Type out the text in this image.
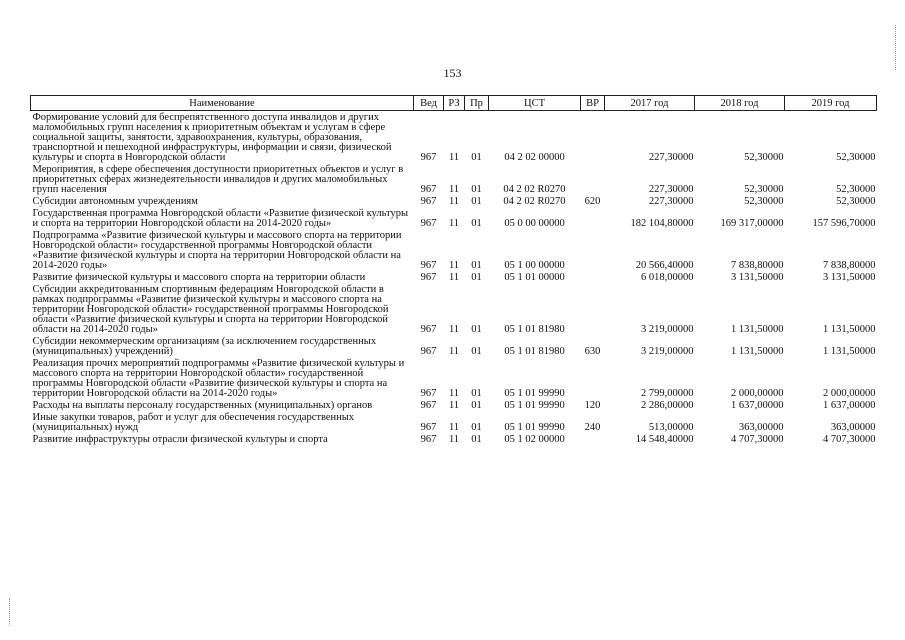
153
Наименование	Вед	РЗ	Пр	ЦСТ	ВР	2017 год	2018 год	2019 год
Формирование условий для беспрепятственного доступа инвалидов и других маломобильных групп населения к приоритетным объектам и услугам в сфере социальной защиты, занятости, здравоохранения, культуры, образования, транспортной и пешеходной инфраструктуры, информации и связи, физической культуры и спорта в Новгородской области	967	11	01	04 2 02 00000		227,30000	52,30000	52,30000
Мероприятия, в сфере обеспечения доступности приоритетных объектов и услуг в приоритетных сферах жизнедеятельности инвалидов и других маломобильных групп населения	967	11	01	04 2 02 R0270		227,30000	52,30000	52,30000
Субсидии автономным учреждениям	967	11	01	04 2 02 R0270	620	227,30000	52,30000	52,30000
Государственная программа Новгородской области «Развитие физической культуры и спорта на территории Новгородской области на 2014-2020 годы»	967	11	01	05 0 00 00000		182 104,80000	169 317,00000	157 596,70000
Подпрограмма «Развитие физической культуры и массового спорта на территории Новгородской области» государственной программы Новгородской области «Развитие физической культуры и спорта на территории Новгородской области на 2014-2020 годы»	967	11	01	05 1 00 00000		20 566,40000	7 838,80000	7 838,80000
Развитие физической культуры и массового спорта на территории области	967	11	01	05 1 01 00000		6 018,00000	3 131,50000	3 131,50000
Субсидии аккредитованным спортивным федерациям Новгородской области в рамках подпрограммы «Развитие физической культуры и массового спорта на территории Новгородской области» государственной программы Новгородской области «Развитие физической культуры и спорта на территории Новгородской области на 2014-2020 годы»	967	11	01	05 1 01 81980		3 219,00000	1 131,50000	1 131,50000
Субсидии некоммерческим организациям (за исключением государственных (муниципальных) учреждений)	967	11	01	05 1 01 81980	630	3 219,00000	1 131,50000	1 131,50000
Реализация прочих мероприятий подпрограммы «Развитие физической культуры и массового спорта на территории Новгородской области» государственной программы Новгородской области «Развитие физической культуры и спорта на территории Новгородской области на 2014-2020 годы»	967	11	01	05 1 01 99990		2 799,00000	2 000,00000	2 000,00000
Расходы на выплаты персоналу государственных (муниципальных) органов	967	11	01	05 1 01 99990	120	2 286,00000	1 637,00000	1 637,00000
Иные закупки товаров, работ и услуг для обеспечения государственных (муниципальных) нужд	967	11	01	05 1 01 99990	240	513,00000	363,00000	363,00000
Развитие инфраструктуры отрасли физической культуры и спорта	967	11	01	05 1 02 00000		14 548,40000	4 707,30000	4 707,30000
